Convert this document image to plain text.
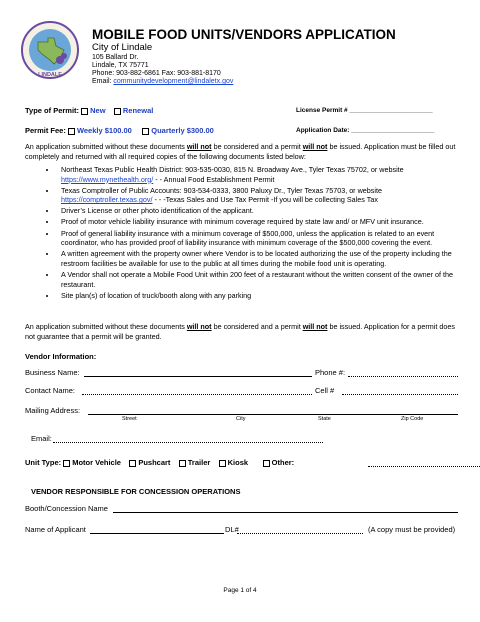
LINDALE
MOBILE FOOD UNITS/VENDORS APPLICATION
City of Lindale
105 Ballard Dr.
Lindale, TX 75771
Phone: 903-882-6861 Fax: 903-881-8170
Email: communitydevelopment@lindaletx.gov
Type of Permit: New Renewal	License Permit # _______________________
Permit Fee: Weekly $100.00	Quarterly $300.00	Application Date: _______________________
An application submitted without these documents will not be considered and a permit will not be issued. Application must be filled out completely and returned with all required copies of the following documents listed below:
• Northeast Texas Public Health District: 903-535-0030, 815 N. Broadway Ave., Tyler Texas 75702, or website https://www.mynethealth.org/ - - Annual Food Establishment Permit
• Texas Comptroller of Public Accounts: 903-534-0333, 3800 Paluxy Dr., Tyler Texas 75703, or website https://comptroller.texas.gov/ - - -Texas Sales and Use Tax Permit -If you will be collecting Sales Tax
• Driver’s License or other photo identification of the applicant.
• Proof of motor vehicle liability insurance with minimum coverage required by state law and/ or MFV unit insurance.
• Proof of general liability insurance with a minimum coverage of $500,000, unless the application is related to an event coordinator, who has provided proof of liability insurance with minimum coverage of the $500,000 covering the event.
• A written agreement with the property owner where Vendor is to be located authorizing the use of the property including the restroom facilities be available for use to the public at all times during the mobile food unit is operating.
• A Vendor shall not operate a Mobile Food Unit within 200 feet of a restaurant without the written consent of the owner of the restaurant.
• Site plan(s) of location of truck/booth along with any parking
An application submitted without these documents will not be considered and a permit will not be issued. Application for a permit does not guarantee that a permit will be granted.
Vendor Information:
Business Name:	Phone #:
Contact Name:	Cell #
Mailing Address:
Street	City	State	Zip Code
Email:
Unit Type: Motor Vehicle Pushcart Trailer Kiosk	Other:
VENDOR RESPONSIBLE FOR CONCESSION OPERATIONS
Booth/Concession Name
Name of Applicant	DL#	(A copy must be provided)
Page 1 of 4
